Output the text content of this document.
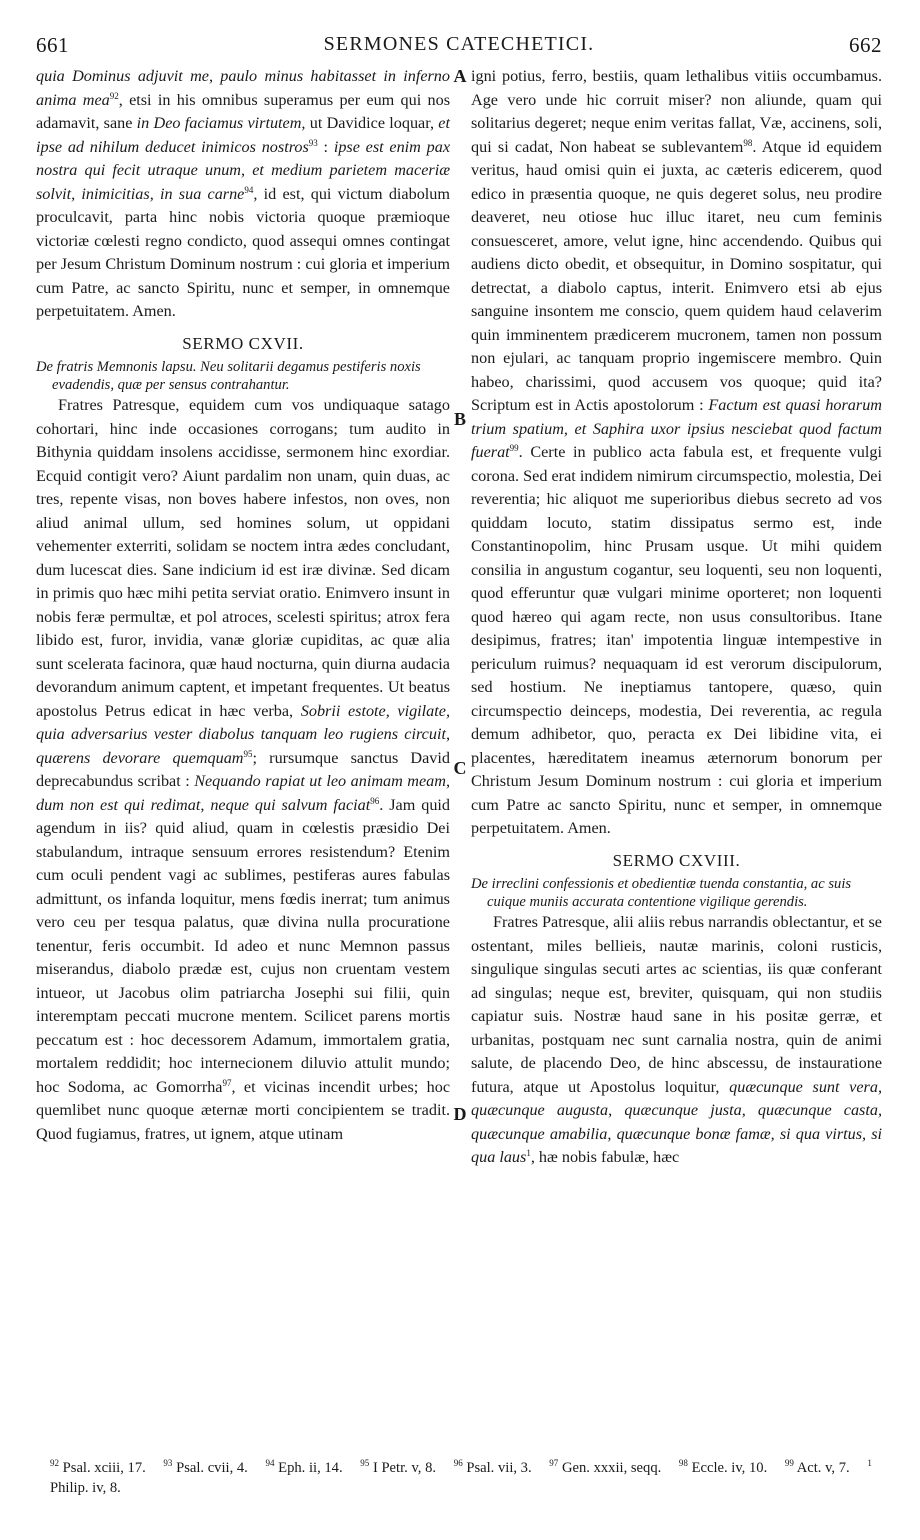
661	SERMONES CATECHETICI.	662
A
B
C
D

quia Dominus adjuvit me, paulo minus habitasset in inferno anima mea$^{92}$, etsi in his omnibus superamus per eum qui nos adamavit, sane in Deo faciamus virtutem, ut Davidice loquar, et ipse ad nihilum deducet inimicos nostros$^{93}$ : ipse est enim pax nostra qui fecit utraque unum, et medium parietem maceriæ solvit, inimicitias, in sua carne$^{94}$, id est, qui victum diabolum proculcavit, parta hinc nobis victoria quoque præmioque victoriæ cœlesti regno condicto, quod assequi omnes contingat per Jesum Christum Dominum nostrum : cui gloria et imperium cum Patre, ac sancto Spiritu, nunc et semper, in omnemque perpetuitatem. Amen.

SERMO CXVII.

De fratris Memnonis lapsu. Neu solitarii degamus pestiferis noxis evadendis, quæ per sensus contrahantur.

Fratres Patresque, equidem cum vos undiquaque satago cohortari, hinc inde occasiones corrogans; tum audito in Bithynia quiddam insolens accidisse, sermonem hinc exordiar. Ecquid contigit vero? Aiunt pardalim non unam, quin duas, ac tres, repente visas, non boves habere infestos, non oves, non aliud animal ullum, sed homines solum, ut oppidani vehementer exterriti, solidam se noctem intra ædes concludant, dum lucescat dies. Sane indicium id est iræ divinæ. Sed dicam in primis quo hæc mihi petita serviat oratio. Enimvero insunt in nobis feræ permultæ, et pol atroces, scelesti spiritus; atrox fera libido est, furor, invidia, vanæ gloriæ cupiditas, ac quæ alia sunt scelerata facinora, quæ haud nocturna, quin diurna audacia devorandum animum captent, et impetant frequentes. Ut beatus apostolus Petrus edicat in hæc verba, Sobrii estote, vigilate, quia adversarius vester diabolus tanquam leo rugiens circuit, quærens devorare quemquam$^{95}$; rursumque sanctus David deprecabundus scribat : Nequando rapiat ut leo animam meam, dum non est qui redimat, neque qui salvum faciat$^{96}$. Jam quid agendum in iis? quid aliud, quam in cœlestis præsidio Dei stabulandum, intraque sensuum errores resistendum? Etenim cum oculi pendent vagi ac sublimes, pestiferas aures fabulas admittunt, os infanda loquitur, mens fœdis inerrat; tum animus vero ceu per tesqua palatus, quæ divina nulla procuratione tenentur, feris occumbit. Id adeo et nunc Memnon passus miserandus, diabolo prædæ est, cujus non cruentam vestem intueor, ut Jacobus olim patriarcha Josephi sui filii, quin interemptam peccati mucrone mentem. Scilicet parens mortis peccatum est : hoc decessorem Adamum, immortalem gratia, mortalem reddidit; hoc internecionem diluvio attulit mundo; hoc Sodoma, ac Gomorrha$^{97}$, et vicinas incendit urbes; hoc quemlibet nunc quoque æternæ morti concipientem se tradit. Quod fugiamus, fratres, ut ignem, atque utinam

igni potius, ferro, bestiis, quam lethalibus vitiis occumbamus. Age vero unde hic corruit miser? non aliunde, quam qui solitarius degeret; neque enim veritas fallat, Væ, accinens, soli, qui si cadat, Non habeat se sublevantem$^{98}$. Atque id equidem veritus, haud omisi quin ei juxta, ac cæteris edicerem, quod edico in præsentia quoque, ne quis degeret solus, neu prodire deaveret, neu otiose huc illuc itaret, neu cum feminis consuesceret, amore, velut igne, hinc accendendo. Quibus qui audiens dicto obedit, et obsequitur, in Domino sospitatur, qui detrectat, a diabolo captus, interit. Enimvero etsi ab ejus sanguine insontem me conscio, quem quidem haud celaverim quin imminentem prædicerem mucronem, tamen non possum non ejulari, ac tanquam proprio ingemiscere membro. Quin habeo, charissimi, quod accusem vos quoque; quid ita? Scriptum est in Actis apostolorum : Factum est quasi horarum trium spatium, et Saphira uxor ipsius nesciebat quod factum fuerat$^{99}$. Certe in publico acta fabula est, et frequente vulgi corona. Sed erat indidem nimirum circumspectio, molestia, Dei reverentia; hic aliquot me superioribus diebus secreto ad vos quiddam locuto, statim dissipatus sermo est, inde Constantinopolim, hinc Prusam usque. Ut mihi quidem consilia in angustum cogantur, seu loquenti, seu non loquenti, quod efferuntur quæ vulgari minime oporteret; non loquenti quod hæreo qui agam recte, non usus consultoribus. Itane desipimus, fratres; itan' impotentia linguæ intempestive in periculum ruimus? nequaquam id est verorum discipulorum, sed hostium. Ne ineptiamus tantopere, quæso, quin circumspectio deinceps, modestia, Dei reverentia, ac regula demum adhibetor, quo, peracta ex Dei libidine vita, ei placentes, hæreditatem ineamus æternorum bonorum per Christum Jesum Dominum nostrum : cui gloria et imperium cum Patre ac sancto Spiritu, nunc et semper, in omnemque perpetuitatem. Amen.

SERMO CXVIII.

De irreclini confessionis et obedientiæ tuenda constantia, ac suis cuique muniis accurata contentione vigilique gerendis.

Fratres Patresque, alii aliis rebus narrandis oblectantur, et se ostentant, miles bellieis, nautæ marinis, coloni rusticis, singulique singulas secuti artes ac scientias, iis quæ conferant ad singulas; neque est, breviter, quisquam, qui non studiis capiatur suis. Nostræ haud sane in his positæ gerræ, et urbanitas, postquam nec sunt carnalia nostra, quin de animi salute, de placendo Deo, de hinc abscessu, de instauratione futura, atque ut Apostolus loquitur, quæcunque sunt vera, quæcunque augusta, quæcunque justa, quæcunque casta, quæcunque amabilia, quæcunque bonæ famæ, si qua virtus, si qua laus$^1$, hæ nobis fabulæ, hæc

$^{92}$ Psal. xciii, 17. $^{93}$ Psal. cvii, 4. $^{94}$ Eph. ii, 14. $^{95}$ I Petr. v, 8. $^{96}$ Psal. vii, 3. $^{97}$ Gen. xxxii, seqq. $^{98}$ Eccle. iv, 10. $^{99}$ Act. v, 7. $^1$ Philip. iv, 8.
